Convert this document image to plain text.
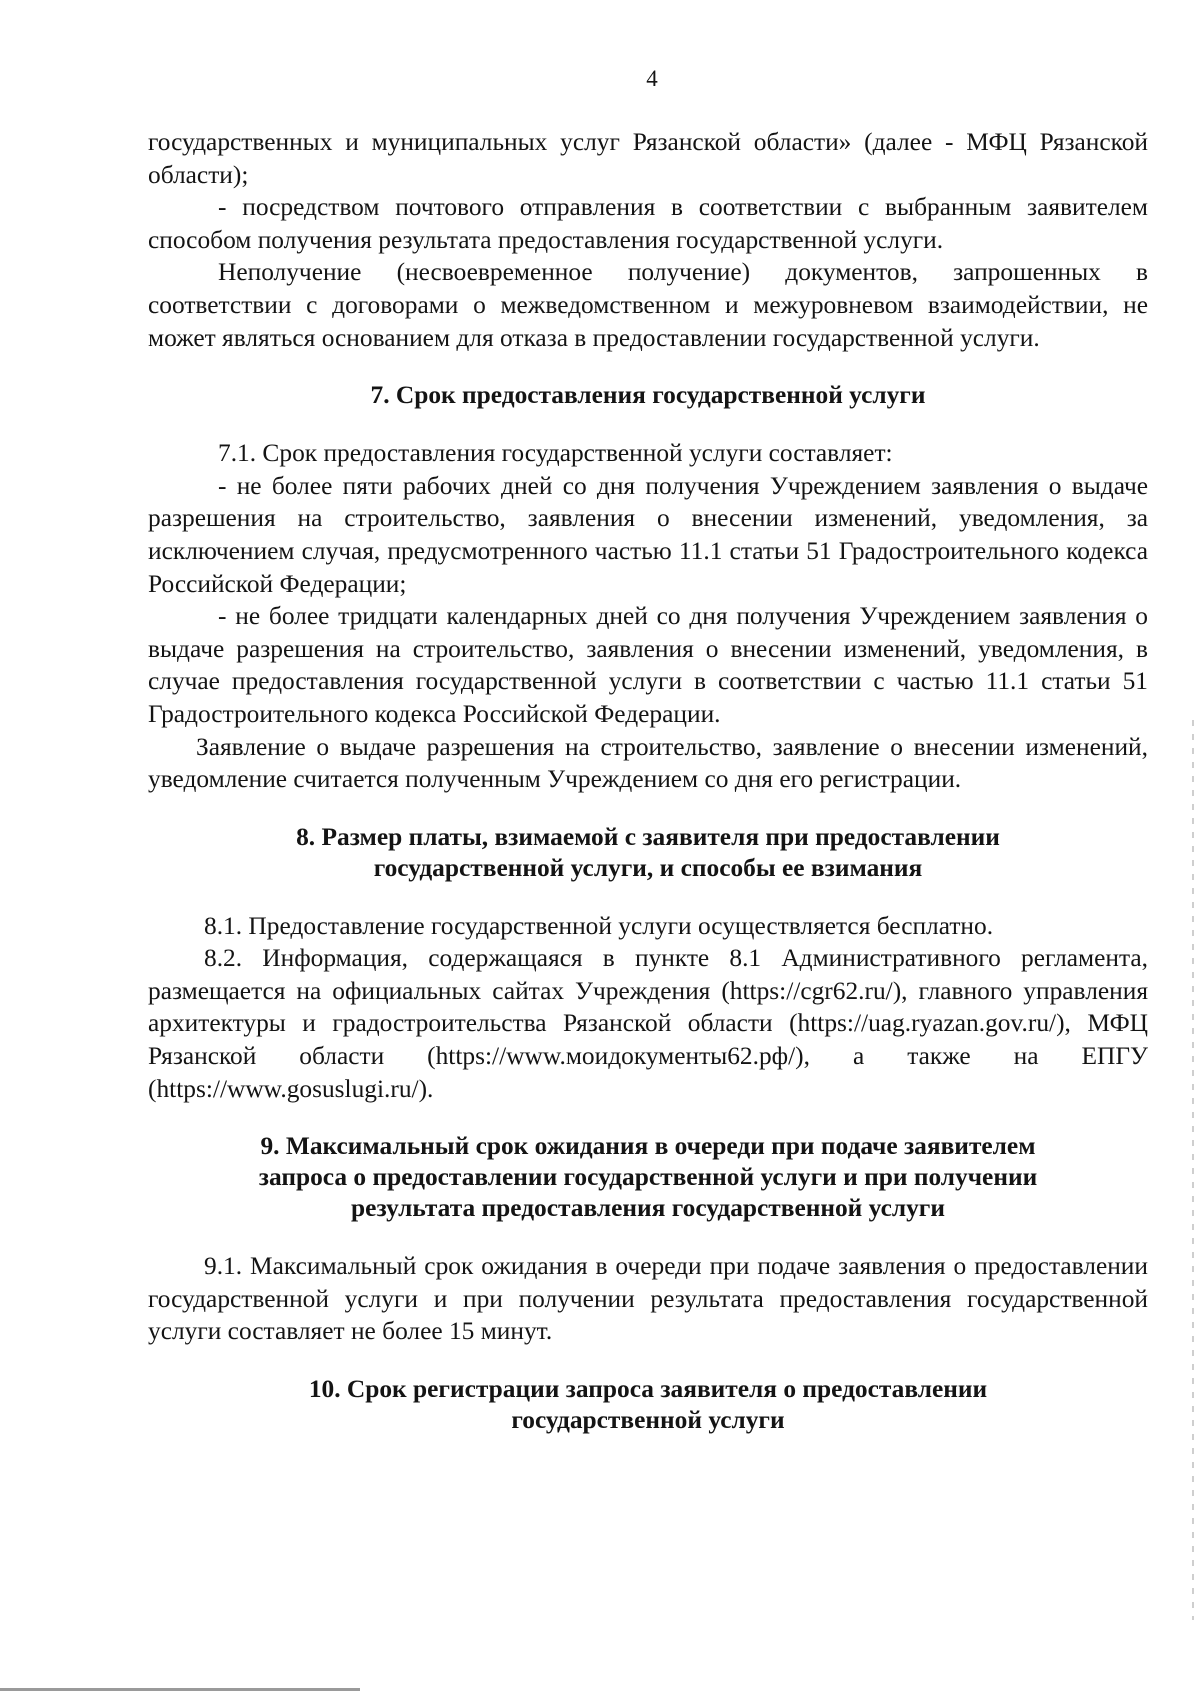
4

государственных и муниципальных услуг Рязанской области» (далее - МФЦ Рязанской области);

- посредством почтового отправления в соответствии с выбранным заявителем способом получения результата предоставления государственной услуги.

Неполучение (несвоевременное получение) документов, запрошенных в соответствии с договорами о межведомственном и межуровневом взаимодействии, не может являться основанием для отказа в предоставлении государственной услуги.

7. Срок предоставления государственной услуги

7.1. Срок предоставления государственной услуги составляет:

- не более пяти рабочих дней со дня получения Учреждением заявления о выдаче разрешения на строительство, заявления о внесении изменений, уведомления, за исключением случая, предусмотренного частью 11.1 статьи 51 Градостроительного кодекса Российской Федерации;

- не более тридцати календарных дней со дня получения Учреждением заявления о выдаче разрешения на строительство, заявления о внесении изменений, уведомления, в случае предоставления государственной услуги в соответствии с частью 11.1 статьи 51 Градостроительного кодекса Российской Федерации.

Заявление о выдаче разрешения на строительство, заявление о внесении изменений, уведомление считается полученным Учреждением со дня его регистрации.

8. Размер платы, взимаемой с заявителя при предоставлении

государственной услуги, и способы ее взимания

8.1. Предоставление государственной услуги осуществляется бесплатно.

8.2. Информация, содержащаяся в пункте 8.1 Административного регламента, размещается на официальных сайтах Учреждения (https://cgr62.ru/), главного управления архитектуры и градостроительства Рязанской области (https://uag.ryazan.gov.ru/), МФЦ Рязанской области (https://www.моидокументы62.рф/), а также на ЕПГУ (https://www.gosuslugi.ru/).

9. Максимальный срок ожидания в очереди при подаче заявителем

запроса о предоставлении государственной услуги и при получении

результата предоставления государственной услуги

9.1. Максимальный срок ожидания в очереди при подаче заявления о предоставлении государственной услуги и при получении результата предоставления государственной услуги составляет не более 15 минут.

10. Срок регистрации запроса заявителя о предоставлении

государственной услуги
